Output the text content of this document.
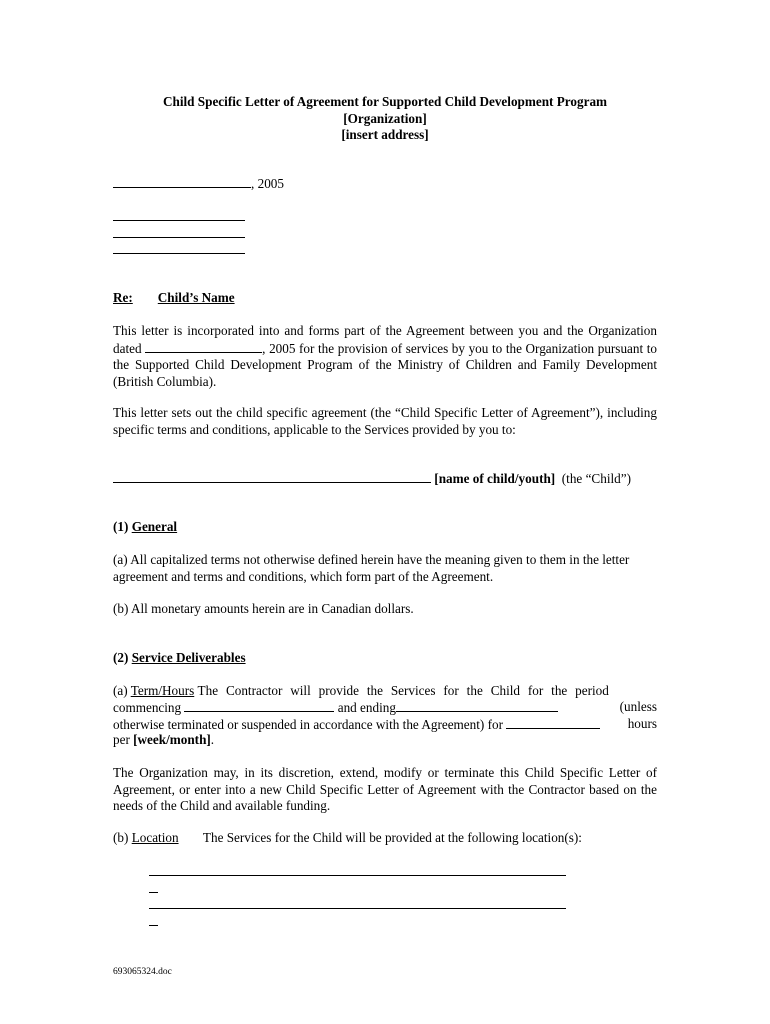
Child Specific Letter of Agreement for Supported Child Development Program
[Organization]
[insert address]
, 2005
Re: Child’s Name
This letter is incorporated into and forms part of the Agreement between you and the Organization dated	, 2005 for the provision of services by you to the Organization pursuant to the Supported Child Development Program of the Ministry of Children and Family Development (British Columbia).
This letter sets out the child specific agreement (the “Child Specific Letter of Agreement”), including specific terms and conditions, applicable to the Services provided by you to:
[name of child/youth] (the “Child”)
(1) General
(a) All capitalized terms not otherwise defined herein have the meaning given to them in the letter agreement and terms and conditions, which form part of the Agreement.
(b) All monetary amounts herein are in Canadian dollars.
(2) Service Deliverables
(a) Term/Hours The Contractor will provide the Services for the Child for the period
commencing	and ending	(unless
otherwise terminated or suspended in accordance with the Agreement) for	hours
per [week/month].
The Organization may, in its discretion, extend, modify or terminate this Child Specific Letter of Agreement, or enter into a new Child Specific Letter of Agreement with the Contractor based on the needs of the Child and available funding.
(b) Location The Services for the Child will be provided at the following location(s):
693065324.doc
